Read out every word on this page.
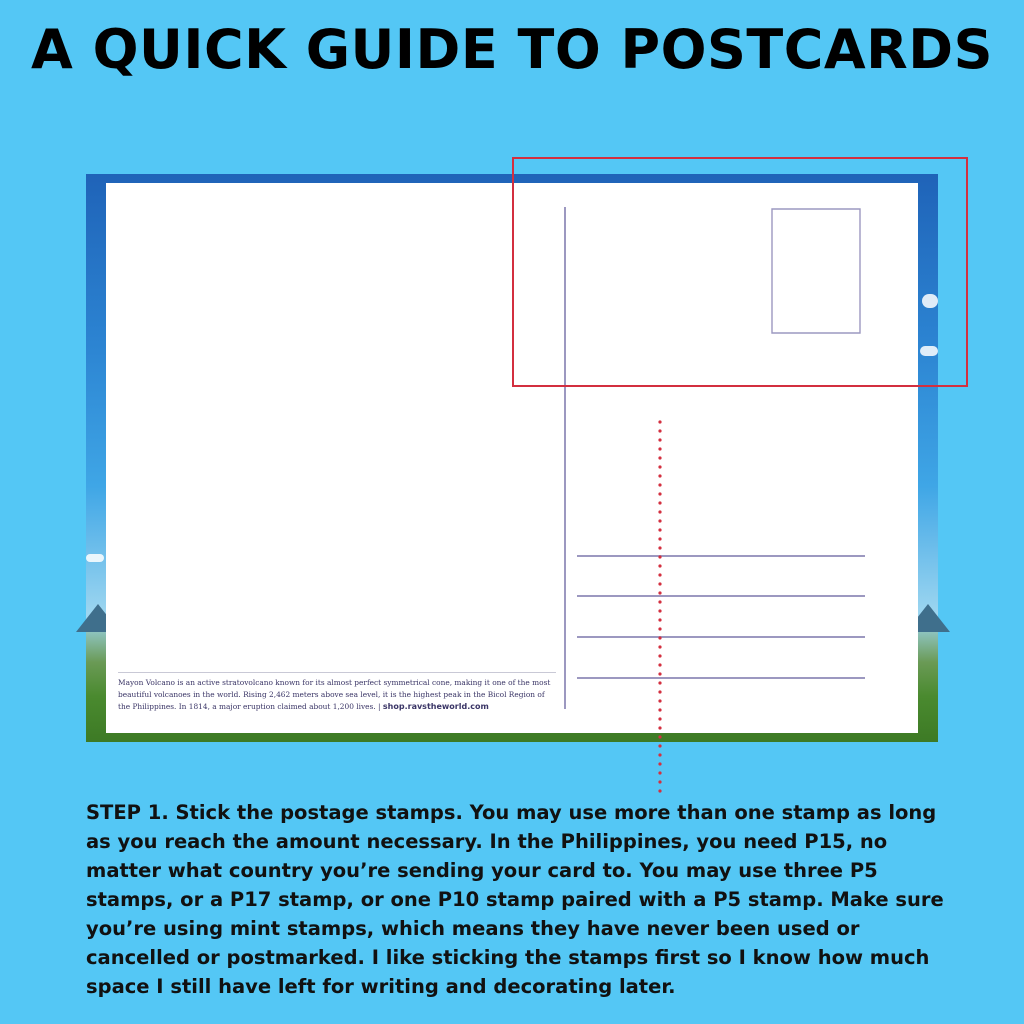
A QUICK GUIDE TO POSTCARDS
Mayon Volcano is an active stratovolcano known for its almost perfect symmetrical cone, making it one of the most beautiful volcanoes in the world. Rising 2,462 meters above sea level, it is the highest peak in the Bicol Region of the Philippines. In 1814, a major eruption claimed about 1,200 lives. | shop.ravstheworld.com
STEP 1. Stick the postage stamps. You may use more than one stamp as long as you reach the amount necessary. In the Philippines, you need P15, no matter what country you’re sending your card to. You may use three P5 stamps, or a P17 stamp, or one P10 stamp paired with a P5 stamp. Make sure you’re using mint stamps, which means they have never been used or cancelled or postmarked. I like sticking the stamps first so I know how much space I still have left for writing and decorating later.
